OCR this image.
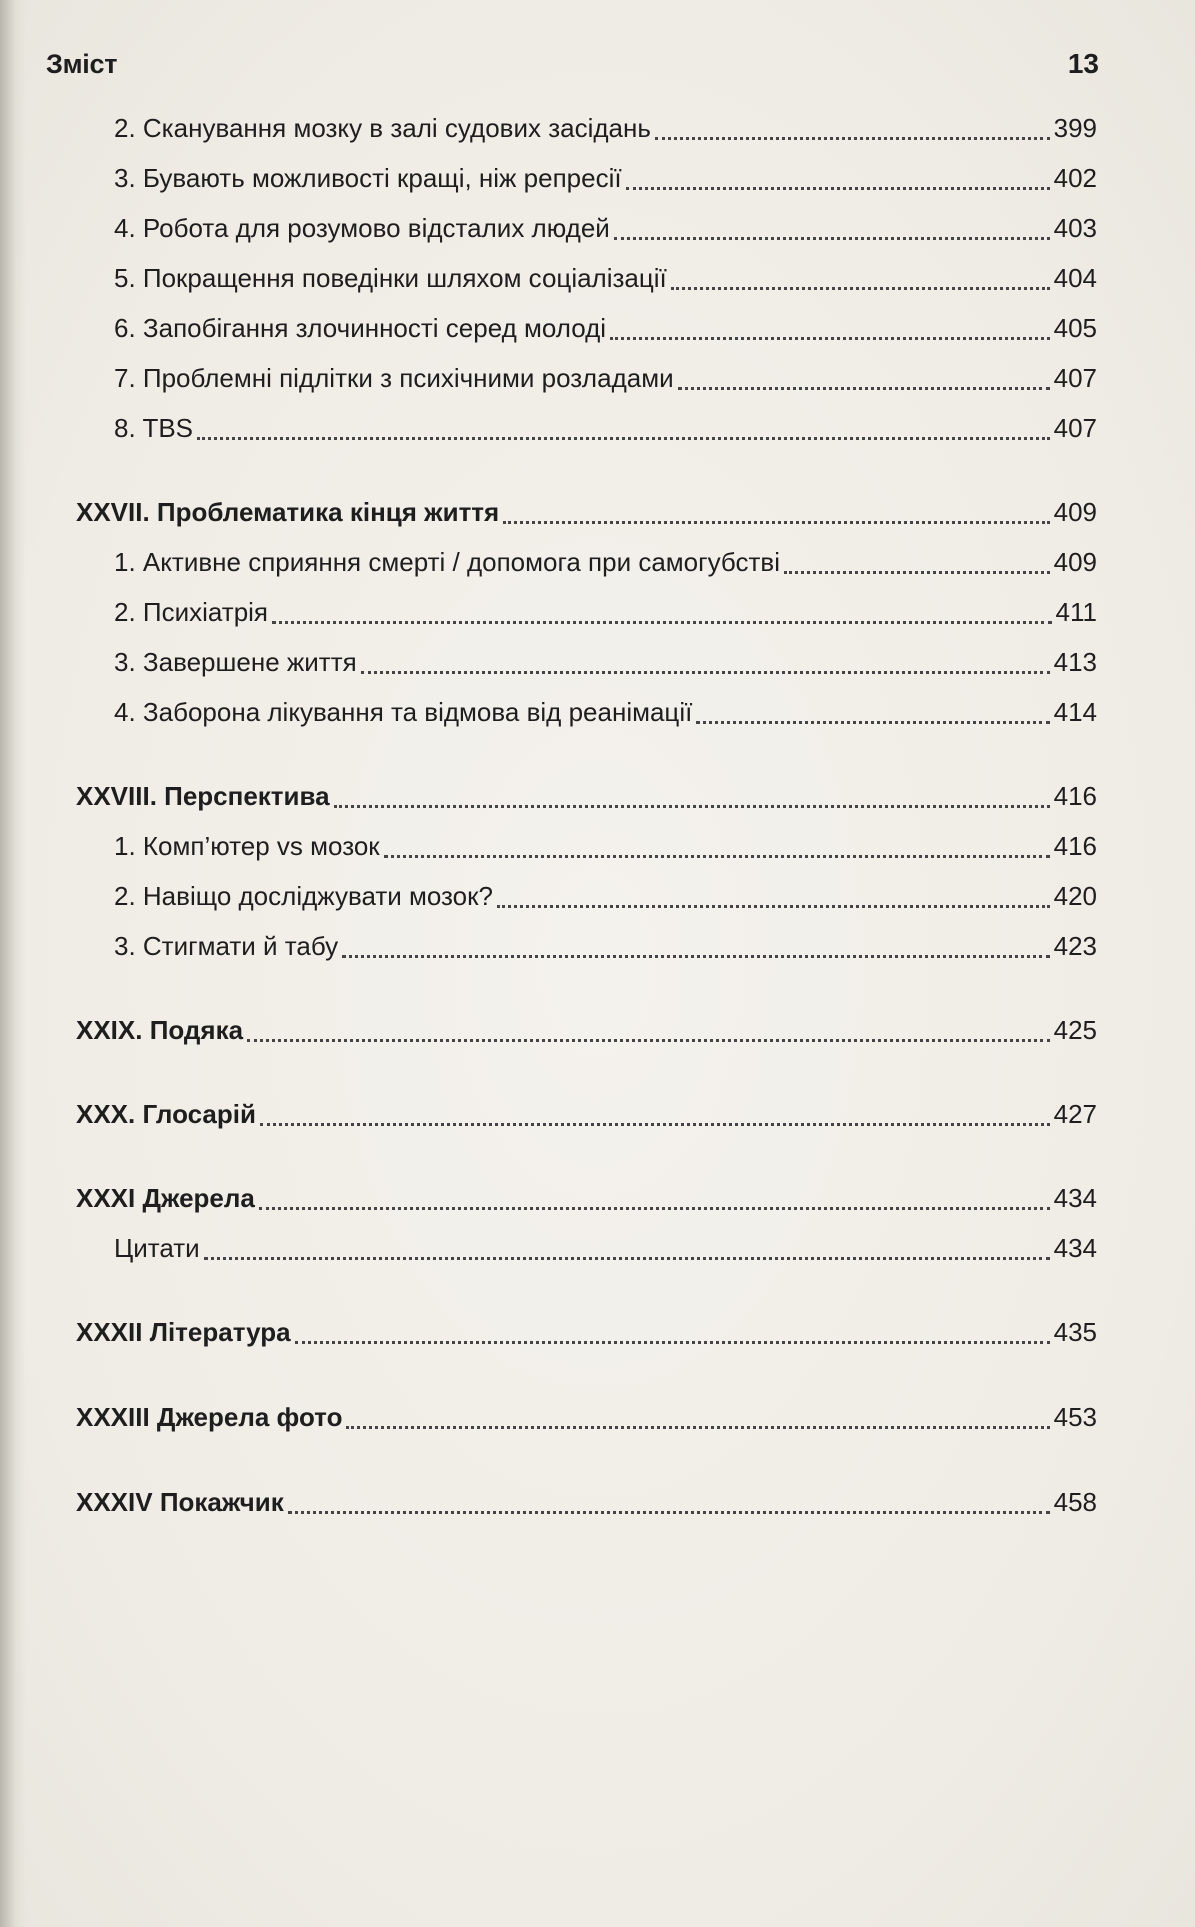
Зміст	13
2. Сканування мозку в залі судових засідань	399
3. Бувають можливості кращі, ніж репресії	402
4. Робота для розумово відсталих людей	403
5. Покращення поведінки шляхом соціалізації	404
6. Запобігання злочинності серед молоді	405
7. Проблемні підлітки з психічними розладами	407
8. TBS	407
XXVII. Проблематика кінця життя	409
1. Активне сприяння смерті / допомога при самогубстві	409
2. Психіатрія	411
3. Завершене життя	413
4. Заборона лікування та відмова від реанімації	414
XXVIII. Перспектива	416
1. Комп’ютер vs мозок	416
2. Навіщо досліджувати мозок?	420
3. Стигмати й табу	423
XXIX. Подяка	425
XXX. Глосарій	427
XXXI Джерела	434
Цитати	434
XXXII Література	435
XXXIII Джерела фото	453
XXXIV Покажчик	458
